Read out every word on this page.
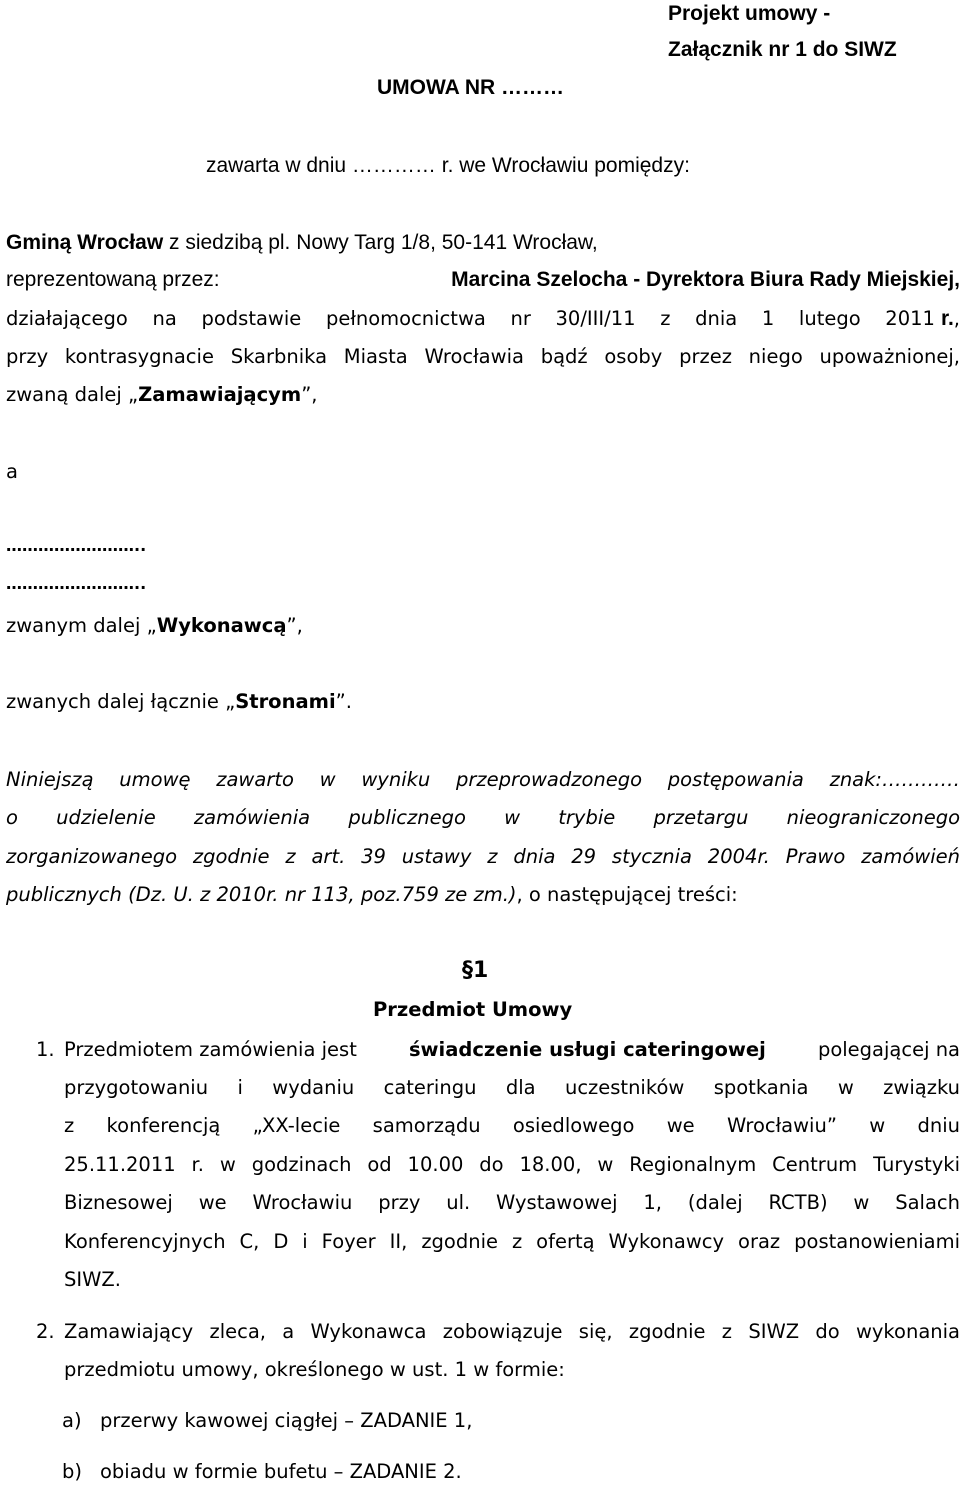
Projekt umowy -
Załącznik nr 1 do SIWZ
UMOWA NR ………
zawarta w dniu ………… r. we Wrocławiu pomiędzy:
Gminą Wrocław z siedzibą pl. Nowy Targ 1/8, 50-141 Wrocław,
reprezentowaną przez:	Marcina Szelocha - Dyrektora Biura Rady Miejskiej,
działającego na podstawie pełnomocnictwa nr 30/III/11 z dnia 1 lutego 2011 r. ,
przy kontrasygnacie Skarbnika Miasta Wrocławia bądź osoby przez niego upoważnionej,
zwaną dalej „Zamawiającym”,
a
……………………..
……………………..
zwanym dalej „Wykonawcą”,
zwanych dalej łącznie „Stronami”.
Niniejszą umowę zawarto w wyniku przeprowadzonego postępowania znak:…………
o udzielenie zamówienia publicznego w trybie przetargu nieograniczonego
zorganizowanego zgodnie z art. 39 ustawy z dnia 29 stycznia 2004r. Prawo zamówień
publicznych (Dz. U. z 2010r. nr 113, poz.759 ze zm.), o następującej treści:
§1
Przedmiot Umowy
1. Przedmiotem zamówienia jest	świadczenie usługi cateringowej	polegającej na
przygotowaniu i wydaniu cateringu dla uczestników spotkania w związku
z konferencją „XX-lecie samorządu osiedlowego we Wrocławiu” w dniu
25.11.2011 r. w godzinach od 10.00 do 18.00, w Regionalnym Centrum Turystyki
Biznesowej we Wrocławiu przy ul. Wystawowej 1, (dalej RCTB) w Salach
Konferencyjnych C, D i Foyer II, zgodnie z ofertą Wykonawcy oraz postanowieniami
SIWZ.
2. Zamawiający zleca, a Wykonawca zobowiązuje się, zgodnie z SIWZ do wykonania
przedmiotu umowy, określonego w ust. 1 w formie:
a) przerwy kawowej ciągłej – ZADANIE 1,
b) obiadu w formie bufetu – ZADANIE 2.
